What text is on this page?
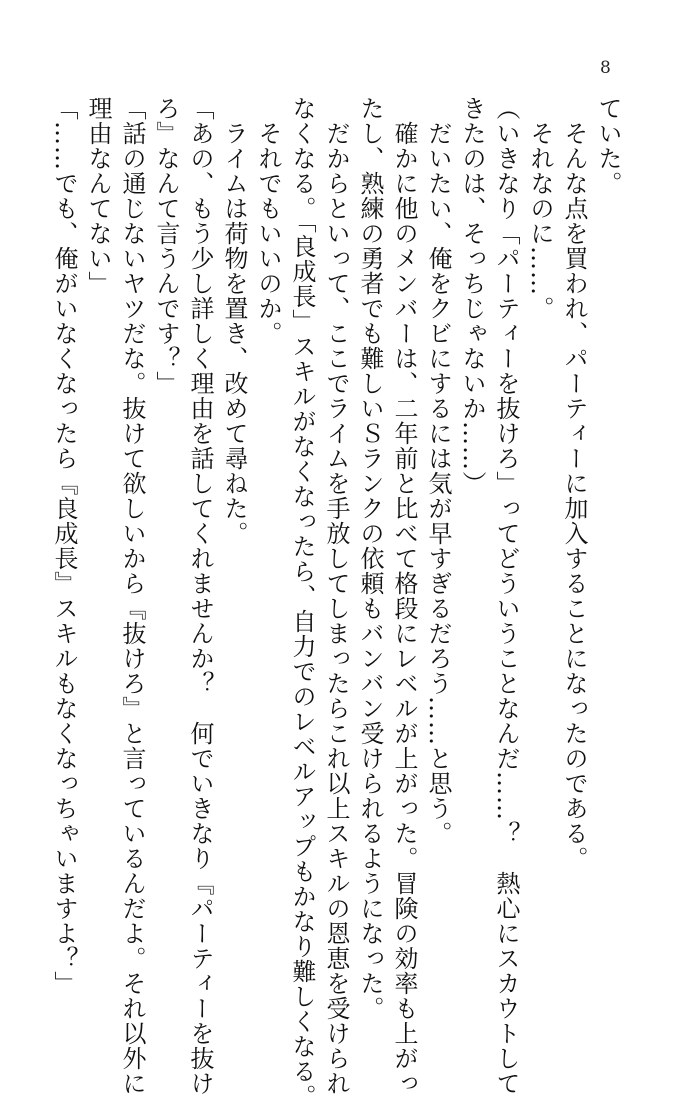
8
ていた。
　そんな点を買われ、パーティーに加入することになったのである。
　それなのに……。
（いきなり「パーティーを抜けろ」ってどういうことなんだ……？　熱心にスカウトして
きたのは、そっちじゃないか……）
　だいたい、俺をクビにするには気が早すぎるだろう……と思う。
　確かに他のメンバーは、二年前と比べて格段にレベルが上がった。冒険の効率も上がっ
たし、熟練の勇者でも難しいＳランクの依頼もバンバン受けられるようになった。
　だからといって、ここでライムを手放してしまったらこれ以上スキルの恩恵を受けられ
なくなる。「良成長」スキルがなくなったら、自力でのレベルアップもかなり難しくなる。
　それでもいいのか。
　ライムは荷物を置き、改めて尋ねた。
「あの、もう少し詳しく理由を話してくれませんか？　何でいきなり『パーティーを抜け
ろ』なんて言うんです？」
「話の通じないヤツだな。抜けて欲しいから『抜けろ』と言っているんだよ。それ以外に
理由なんてない」
「……でも、俺がいなくなったら『良成長』スキルもなくなっちゃいますよ？」
